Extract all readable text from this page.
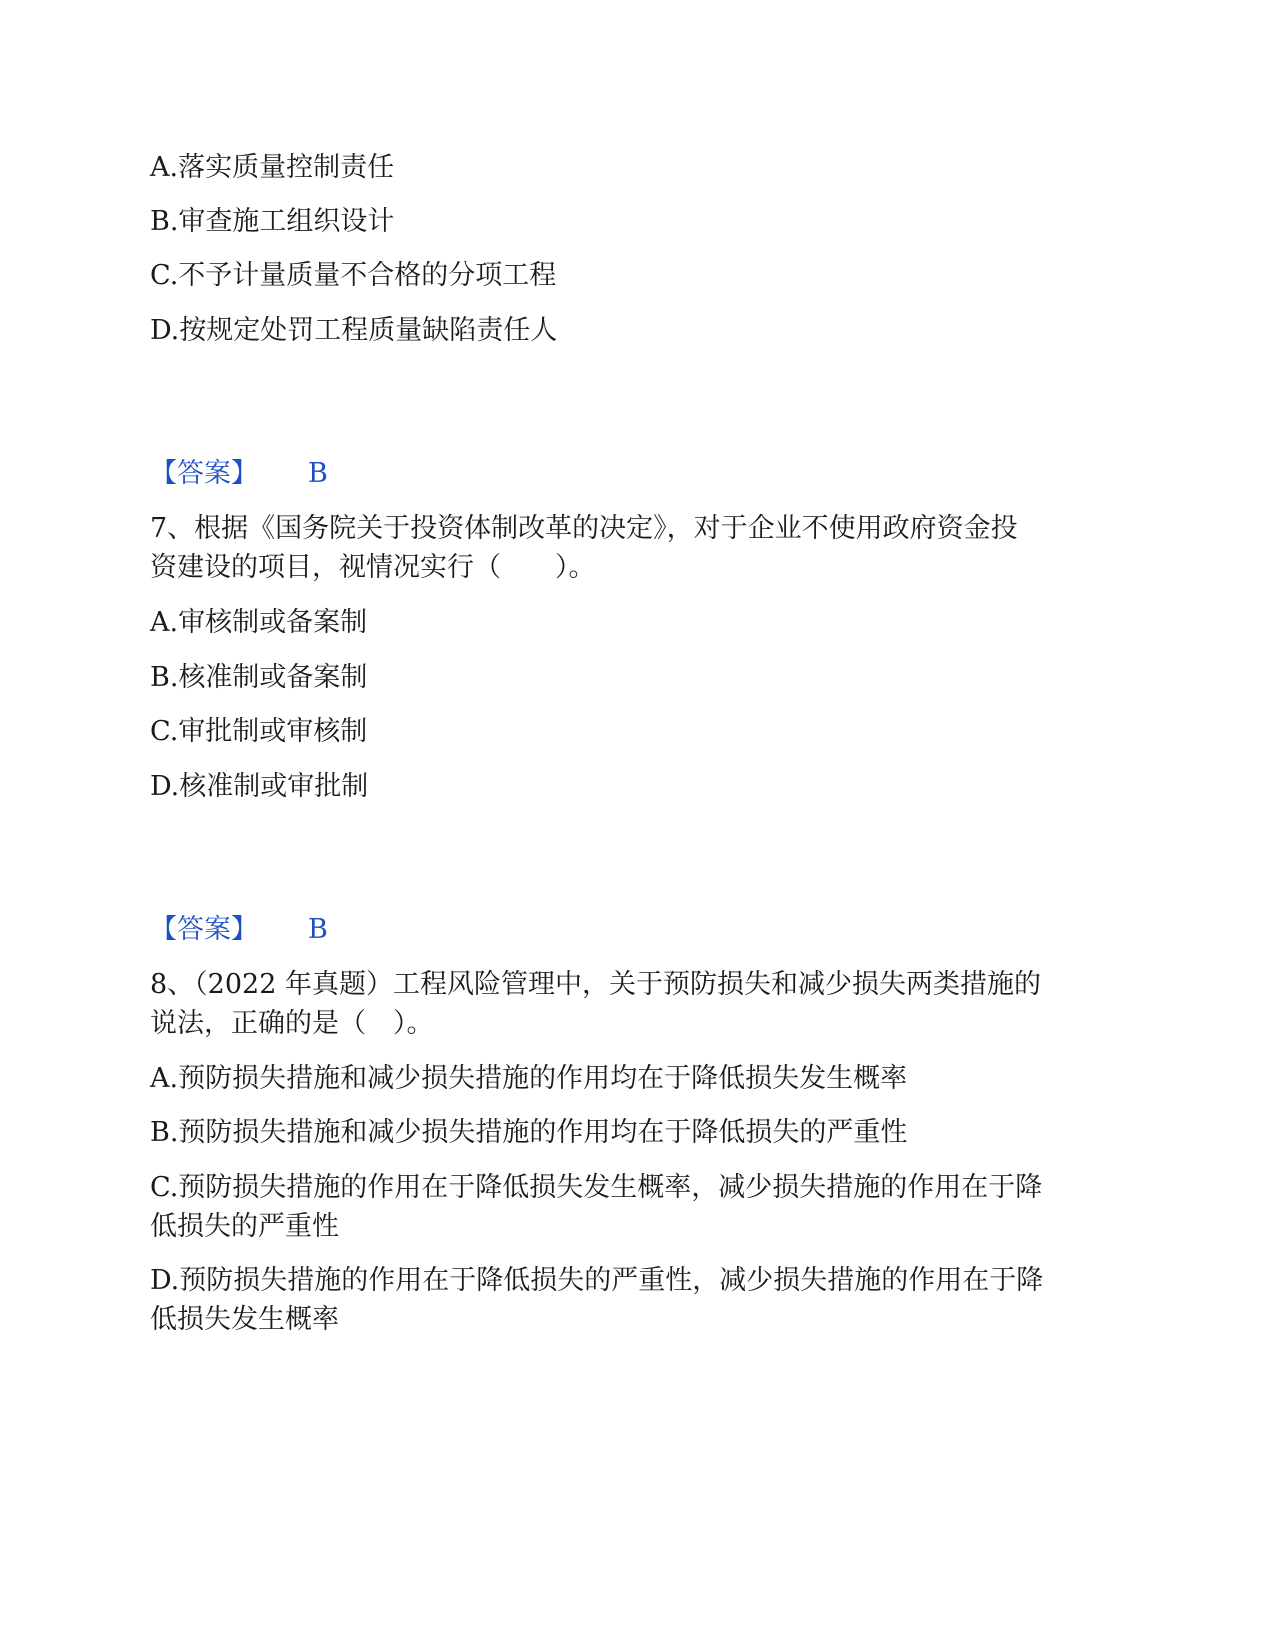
A.落实质量控制责任
B.审查施工组织设计
C.不予计量质量不合格的分项工程
D.按规定处罚工程质量缺陷责任人
【答案】 B
7、根据《国务院关于投资体制改革的决定》，对于企业不使用政府资金投
资建设的项目，视情况实行（　　）。
A.审核制或备案制
B.核准制或备案制
C.审批制或审核制
D.核准制或审批制
【答案】 B
8、（2022 年真题）工程风险管理中，关于预防损失和减少损失两类措施的
说法，正确的是（　）。
A.预防损失措施和减少损失措施的作用均在于降低损失发生概率
B.预防损失措施和减少损失措施的作用均在于降低损失的严重性
C.预防损失措施的作用在于降低损失发生概率，减少损失措施的作用在于降
低损失的严重性
D.预防损失措施的作用在于降低损失的严重性，减少损失措施的作用在于降
低损失发生概率
